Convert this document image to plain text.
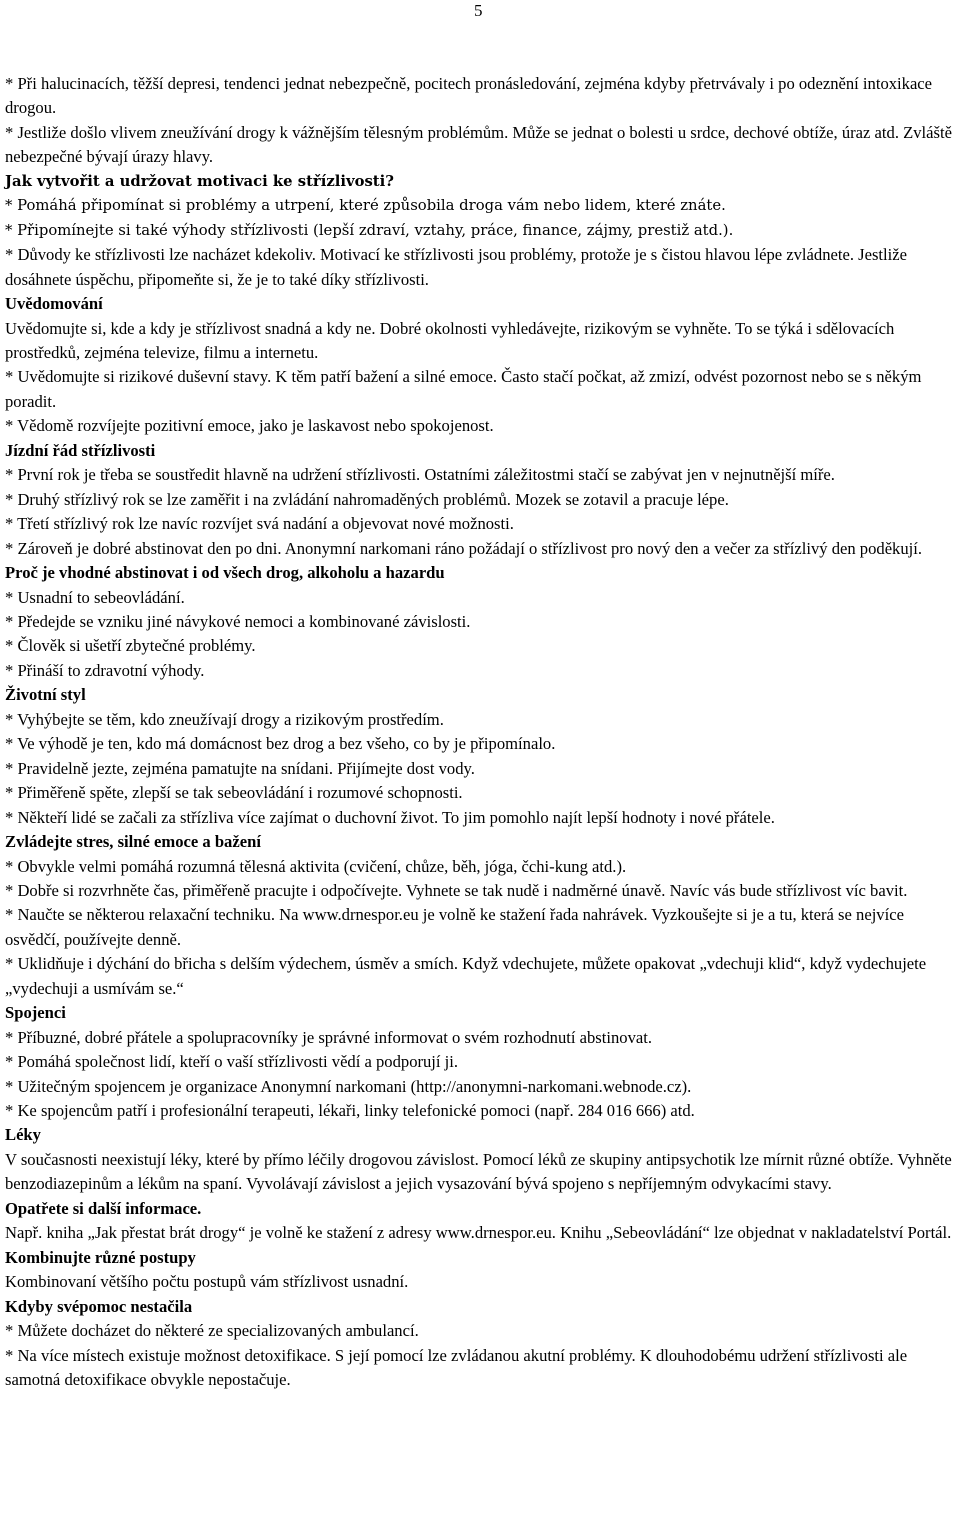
5

* Při halucinacích, těžší depresi, tendenci jednat nebezpečně, pocitech pronásledování, zejména kdyby přetrvávaly i po odeznění intoxikace drogou.

* Jestliže došlo vlivem zneužívání drogy k vážnějším tělesným problémům. Může se jednat o bolesti u srdce, dechové obtíže, úraz atd. Zvláště nebezpečné bývají úrazy hlavy.

Jak vytvořit a udržovat motivaci ke střízlivosti?

* Pomáhá připomínat si problémy a utrpení, které způsobila droga vám nebo lidem, které znáte.

* Připomínejte si také výhody střízlivosti (lepší zdraví, vztahy, práce, finance, zájmy, prestiž atd.).

* Důvody ke střízlivosti lze nacházet kdekoliv. Motivací ke střízlivosti jsou problémy, protože je s čistou hlavou lépe zvládnete. Jestliže dosáhnete úspěchu, připomeňte si, že je to také díky střízlivosti.

Uvědomování

Uvědomujte si, kde a kdy je střízlivost snadná a kdy ne. Dobré okolnosti vyhledávejte, rizikovým se vyhněte. To se týká i sdělovacích prostředků, zejména televize, filmu a internetu.

* Uvědomujte si rizikové duševní stavy. K těm patří bažení a silné emoce. Často stačí počkat, až zmizí, odvést pozornost nebo se s někým poradit.

* Vědomě rozvíjejte pozitivní emoce, jako je laskavost nebo spokojenost.

Jízdní řád střízlivosti

* První rok je třeba se soustředit hlavně na udržení střízlivosti. Ostatními záležitostmi stačí se zabývat jen v nejnutnější míře.

* Druhý střízlivý rok se lze zaměřit i na zvládání nahromaděných problémů. Mozek se zotavil a pracuje lépe.

* Třetí střízlivý rok lze navíc rozvíjet svá nadání a objevovat nové možnosti.

* Zároveň je dobré abstinovat den po dni. Anonymní narkomani ráno požádají o střízlivost pro nový den a večer za střízlivý den poděkují.

Proč je vhodné abstinovat i od všech drog, alkoholu a hazardu

* Usnadní to sebeovládání.

* Předejde se vzniku jiné návykové nemoci a kombinované závislosti.

* Člověk si ušetří zbytečné problémy.

* Přináší to zdravotní výhody.

Životní styl

* Vyhýbejte se těm, kdo zneužívají drogy a rizikovým prostředím.

* Ve výhodě je ten, kdo má domácnost bez drog a bez všeho, co by je připomínalo.

* Pravidelně jezte, zejména pamatujte na snídani. Přijímejte dost vody.

* Přiměřeně spěte, zlepší se tak sebeovládání i rozumové schopnosti.

* Někteří lidé se začali za střízliva více zajímat o duchovní život. To jim pomohlo najít lepší hodnoty i nové přátele.

Zvládejte stres, silné emoce a bažení

* Obvykle velmi pomáhá rozumná tělesná aktivita (cvičení, chůze, běh, jóga, čchi-kung atd.).

* Dobře si rozvrhněte čas, přiměřeně pracujte i odpočívejte. Vyhnete se tak nudě i nadměrné únavě. Navíc vás bude střízlivost víc bavit.

* Naučte se některou relaxační techniku. Na www.drnespor.eu je volně ke stažení řada nahrávek. Vyzkoušejte si je a tu, která se nejvíce osvědčí, používejte denně.

* Uklidňuje i dýchání do břicha s delším výdechem, úsměv a smích. Když vdechujete, můžete opakovat „vdechuji klid“, když vydechujete „vydechuji a usmívám se.“

Spojenci

* Příbuzné, dobré přátele a spolupracovníky je správné informovat o svém rozhodnutí abstinovat.

* Pomáhá společnost lidí, kteří o vaší střízlivosti vědí a podporují ji.

* Užitečným spojencem je organizace Anonymní narkomani (http://anonymni-narkomani.webnode.cz).

* Ke spojencům patří i profesionální terapeuti, lékaři, linky telefonické pomoci (např. 284 016 666) atd.

Léky

V současnosti neexistují léky, které by přímo léčily drogovou závislost. Pomocí léků ze skupiny antipsychotik lze mírnit různé obtíže. Vyhněte benzodiazepinům a lékům na spaní. Vyvolávají závislost a jejich vysazování bývá spojeno s nepříjemným odvykacími stavy.

Opatřete si další informace.

Např. kniha „Jak přestat brát drogy“ je volně ke stažení z adresy www.drnespor.eu. Knihu „Sebeovládání“ lze objednat v nakladatelství Portál.

Kombinujte různé postupy

Kombinovaní většího počtu postupů vám střízlivost usnadní.

Kdyby svépomoc nestačila

* Můžete docházet do některé ze specializovaných ambulancí.

* Na více místech existuje možnost detoxifikace. S její pomocí lze zvládanou akutní problémy. K dlouhodobému udržení střízlivosti ale samotná detoxifikace obvykle nepostačuje.
